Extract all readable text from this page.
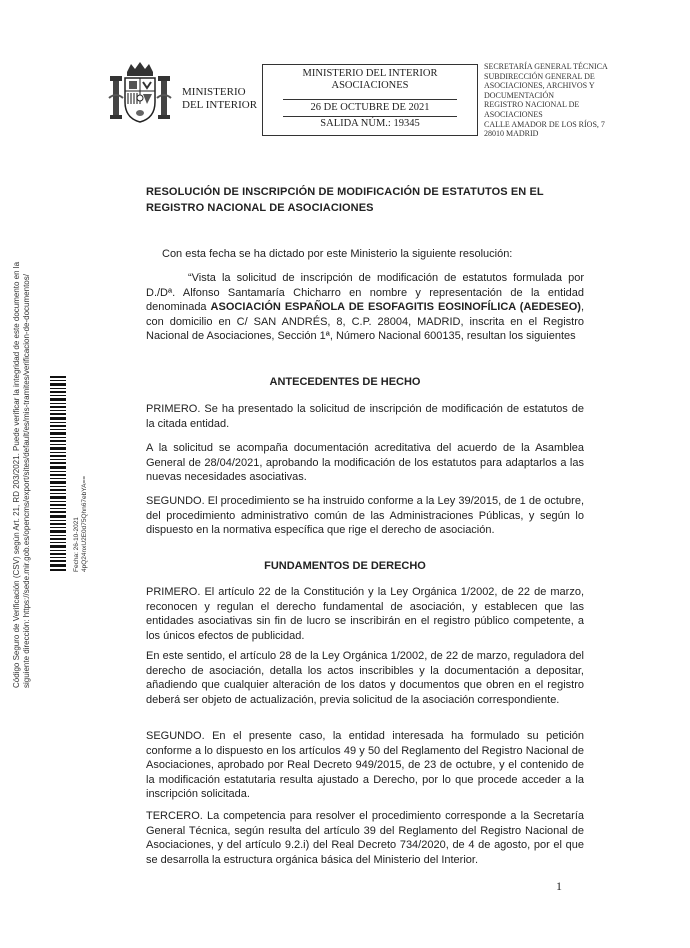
MINISTERIO
DEL INTERIOR
MINISTERIO DEL INTERIOR
ASOCIACIONES
26 DE OCTUBRE DE 2021
SALIDA NÚM.: 19345
SECRETARÍA GENERAL TÉCNICA
SUBDIRECCIÓN GENERAL DE
ASOCIACIONES, ARCHIVOS Y
DOCUMENTACIÓN
REGISTRO NACIONAL DE
ASOCIACIONES
CALLE AMADOR DE LOS RÍOS, 7
28010 MADRID
Código Seguro de Verificación (CSV) según Art. 21, RD 203/2021. Puede verificar la integridad de este documento en la siguiente dirección: https://sede.mir.gob.es/opencms/export/sites/default/es/mis-tramites/verificacion-de-documentos/	Fecha: 26-10-2021 4pQ24nxU2E0d75Qhn67ebYA==
RESOLUCIÓN DE INSCRIPCIÓN DE MODIFICACIÓN DE ESTATUTOS EN EL REGISTRO NACIONAL DE ASOCIACIONES
Con esta fecha se ha dictado por este Ministerio la siguiente resolución:
“Vista la solicitud de inscripción de modificación de estatutos formulada por D./Dª. Alfonso Santamaría Chicharro en nombre y representación de la entidad denominada ASOCIACIÓN ESPAÑOLA DE ESOFAGITIS EOSINOFÍLICA (AEDESEO), con domicilio en C/ SAN ANDRÉS, 8, C.P. 28004, MADRID, inscrita en el Registro Nacional de Asociaciones, Sección 1ª, Número Nacional 600135, resultan los siguientes
ANTECEDENTES DE HECHO
PRIMERO. Se ha presentado la solicitud de inscripción de modificación de estatutos de la citada entidad.
A la solicitud se acompaña documentación acreditativa del acuerdo de la Asamblea General de 28/04/2021, aprobando la modificación de los estatutos para adaptarlos a las nuevas necesidades asociativas.
SEGUNDO. El procedimiento se ha instruido conforme a la Ley 39/2015, de 1 de octubre, del procedimiento administrativo común de las Administraciones Públicas, y según lo dispuesto en la normativa específica que rige el derecho de asociación.
FUNDAMENTOS DE DERECHO
PRIMERO. El artículo 22 de la Constitución y la Ley Orgánica 1/2002, de 22 de marzo, reconocen y regulan el derecho fundamental de asociación, y establecen que las entidades asociativas sin fin de lucro se inscribirán en el registro público competente, a los únicos efectos de publicidad.
En este sentido, el artículo 28 de la Ley Orgánica 1/2002, de 22 de marzo, reguladora del derecho de asociación, detalla los actos inscribibles y la documentación a depositar, añadiendo que cualquier alteración de los datos y documentos que obren en el registro deberá ser objeto de actualización, previa solicitud de la asociación correspondiente.
SEGUNDO. En el presente caso, la entidad interesada ha formulado su petición conforme a lo dispuesto en los artículos 49 y 50 del Reglamento del Registro Nacional de Asociaciones, aprobado por Real Decreto 949/2015, de 23 de octubre, y el contenido de la modificación estatutaria resulta ajustado a Derecho, por lo que procede acceder a la inscripción solicitada.
TERCERO. La competencia para resolver el procedimiento corresponde a la Secretaría General Técnica, según resulta del artículo 39 del Reglamento del Registro Nacional de Asociaciones, y del artículo 9.2.i) del Real Decreto 734/2020, de 4 de agosto, por el que se desarrolla la estructura orgánica básica del Ministerio del Interior.
1
